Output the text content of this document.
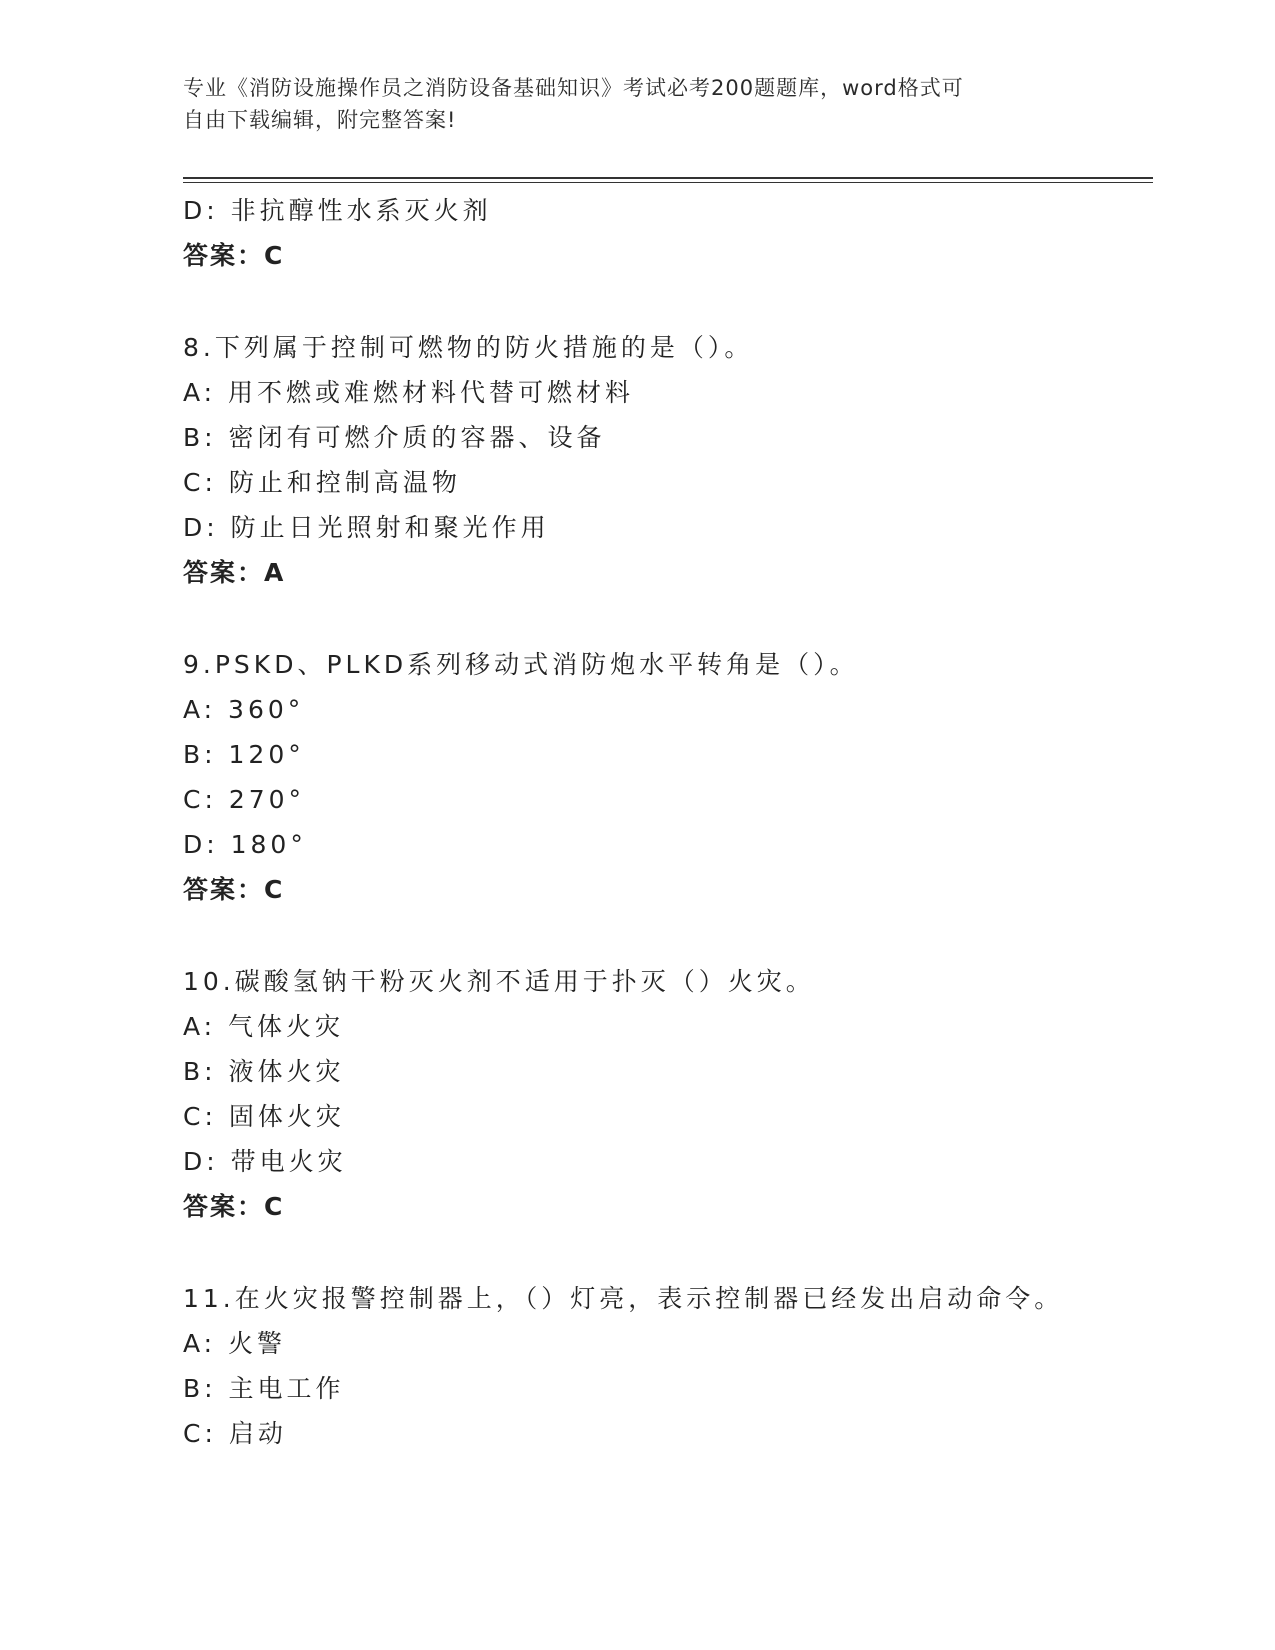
专业《消防设施操作员之消防设备基础知识》考试必考200题题库，word格式可
自由下载编辑，附完整答案!
D: 非抗醇性水系灭火剂
答案：C
8.下列属于控制可燃物的防火措施的是（）。
A: 用不燃或难燃材料代替可燃材料
B: 密闭有可燃介质的容器、设备
C: 防止和控制高温物
D: 防止日光照射和聚光作用
答案：A
9.PSKD、PLKD系列移动式消防炮水平转角是（）。
A: 360°
B: 120°
C: 270°
D: 180°
答案：C
10.碳酸氢钠干粉灭火剂不适用于扑灭（）火灾。
A: 气体火灾
B: 液体火灾
C: 固体火灾
D: 带电火灾
答案：C
11.在火灾报警控制器上，（）灯亮，表示控制器已经发出启动命令。
A: 火警
B: 主电工作
C: 启动
